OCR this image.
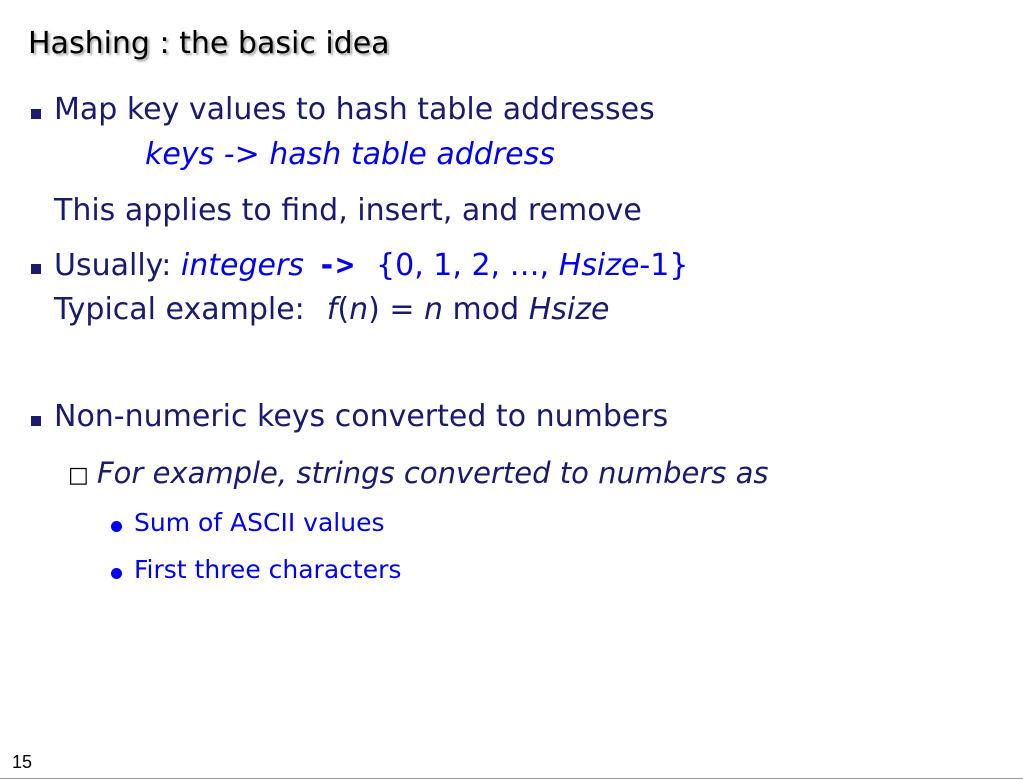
Hashing : the basic idea
Map key values to hash table addresses
keys -> hash table address
This applies to find, insert, and remove
Usually: integers -> {0, 1, 2, …, Hsize-1}
Typical example: f(n) = n mod Hsize
Non-numeric keys converted to numbers
□ For example, strings converted to numbers as
Sum of ASCII values
First three characters
15
